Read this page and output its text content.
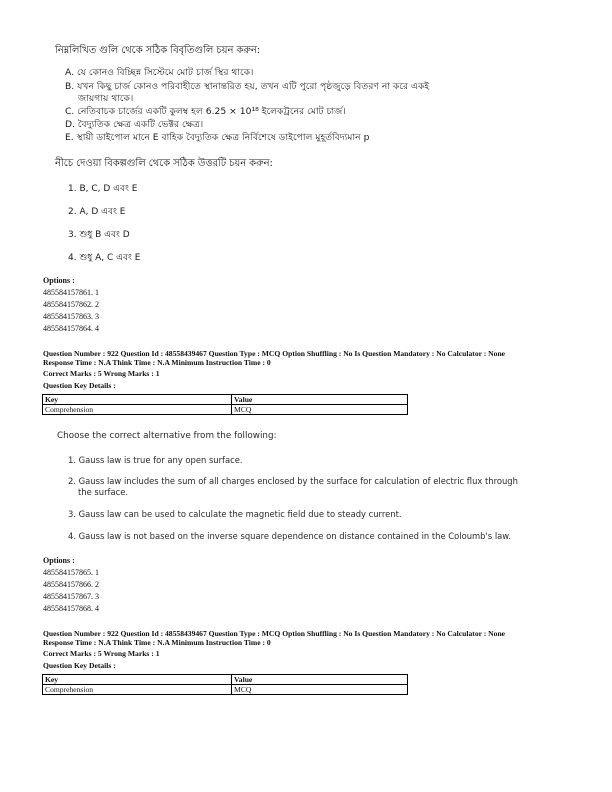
নিম্নলিখিত গুলি থেকে সঠিক বিবৃতিগুলি চয়ন করুন:
A. যে কোনও বিচ্ছিন্ন সিস্টেমে মোট চার্জ স্থির থাকে।
B. যখন কিছু চার্জ কোনও পরিবাহীতে স্থানান্তরিত হয়, তখন এটি পুরো পৃষ্ঠজুড়ে বিতরণ না করে একই
জায়গায় থাকে।
C. নেতিবাচক চার্জের একটি কুলম্ব হল 6.25 × 10¹⁸ ইলেকট্রনের মোট চার্জ।
D. বৈদ্যুতিক ক্ষেত্র একটি ভেক্টর ক্ষেত্র।
E. স্থায়ী ডাইপোল মানে E বাহিক বৈদ্যুতিক ক্ষেত্র নির্বিশেষে ডাইপোল মুহূর্তবিদ্যমান p
নীচে দেওয়া বিকল্পগুলি থেকে সঠিক উত্তরটি চয়ন করুন:
1. B, C, D এবং E
2. A, D এবং E
3. শুধু B এবং D
4. শুধু A, C এবং E
Options :
485584157861. 1
485584157862. 2
485584157863. 3
485584157864. 4
Question Number : 922 Question Id : 48558439467 Question Type : MCQ Option Shuffling : No Is Question Mandatory : No Calculator : None
Response Time : N.A Think Time : N.A Minimum Instruction Time : 0
Correct Marks : 5 Wrong Marks : 1
Question Key Details :
Key	Value
Comprehension	MCQ
Choose the correct alternative from the following:
1. Gauss law is true for any open surface.
2. Gauss law includes the sum of all charges enclosed by the surface for calculation of electric flux through
the surface.
3. Gauss law can be used to calculate the magnetic field due to steady current.
4. Gauss law is not based on the inverse square dependence on distance contained in the Coloumb's law.
Options :
485584157865. 1
485584157866. 2
485584157867. 3
485584157868. 4
Question Number : 922 Question Id : 48558439467 Question Type : MCQ Option Shuffling : No Is Question Mandatory : No Calculator : None
Response Time : N.A Think Time : N.A Minimum Instruction Time : 0
Correct Marks : 5 Wrong Marks : 1
Question Key Details :
Key	Value
Comprehension	MCQ
